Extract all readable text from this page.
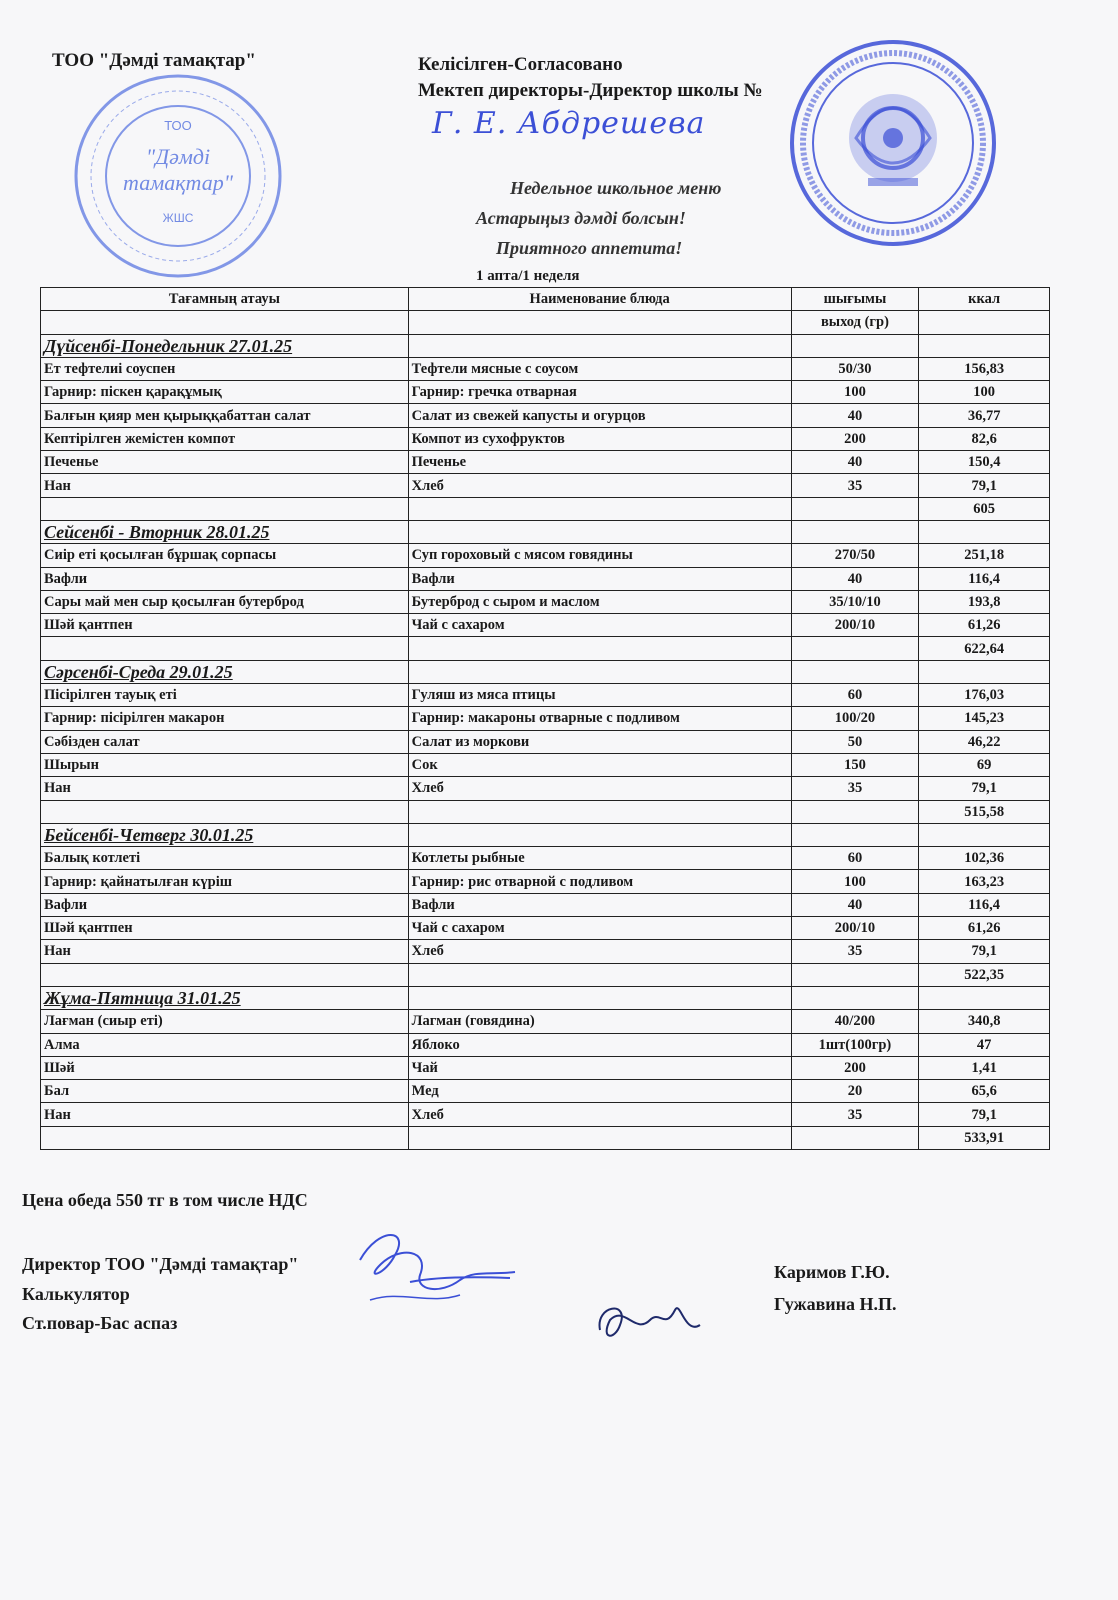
ТОО
"Дәмді
тамақтар"
ЖШС
ТОО "Дәмді тамақтар"	Келісілген-Согласовано
Мектеп директоры-Директор школы №
Г. Е. Абдрешева
Недельное школьное меню
Астарыңыз дәмді болсын!
Приятного аппетита!
1 апта/1 неделя
Тағамның атауы	Наименование блюда	шығымы	ккал
		выход (гр)	
Дүйсенбі-Понедельник 27.01.25			
Ет тефтелиі соуспен	Тефтели мясные с соусом	50/30	156,83
Гарнир: піскен қарақұмық	Гарнир: гречка отварная	100	100
Балғын қияр мен қырыққабаттан салат	Салат из свежей капусты и огурцов	40	36,77
Кептірілген жемістен компот	Компот из сухофруктов	200	82,6
Печенье	Печенье	40	150,4
Нан	Хлеб	35	79,1
			605
Сейсенбі - Вторник 28.01.25			
Сиір еті қосылған бұршақ сорпасы	Суп гороховый с мясом говядины	270/50	251,18
Вафли	Вафли	40	116,4
Сары май мен сыр қосылған бутерброд	Бутерброд с сыром и маслом	35/10/10	193,8
Шәй қантпен	Чай с сахаром	200/10	61,26
			622,64
Сәрсенбі-Среда 29.01.25			
Пісірілген тауық еті	Гуляш из мяса птицы	60	176,03
Гарнир: пісірілген макарон	Гарнир: макароны отварные с подливом	100/20	145,23
Сәбізден салат	Салат из моркови	50	46,22
Шырын	Сок	150	69
Нан	Хлеб	35	79,1
			515,58
Бейсенбі-Четверг 30.01.25			
Балық котлеті	Котлеты рыбные	60	102,36
Гарнир: қайнатылған күріш	Гарнир: рис отварной с подливом	100	163,23
Вафли	Вафли	40	116,4
Шәй қантпен	Чай с сахаром	200/10	61,26
Нан	Хлеб	35	79,1
			522,35
Жұма-Пятница 31.01.25			
Лағман (сиыр еті)	Лагман (говядина)	40/200	340,8
Алма	Яблоко	1шт(100гр)	47
Шәй	Чай	200	1,41
Бал	Мед	20	65,6
Нан	Хлеб	35	79,1
			533,91
Цена обеда 550 тг в том числе НДС
Директор ТОО "Дәмді тамақтар"
Калькулятор
Ст.повар-Бас аспаз
Каримов Г.Ю.
Гужавина Н.П.
